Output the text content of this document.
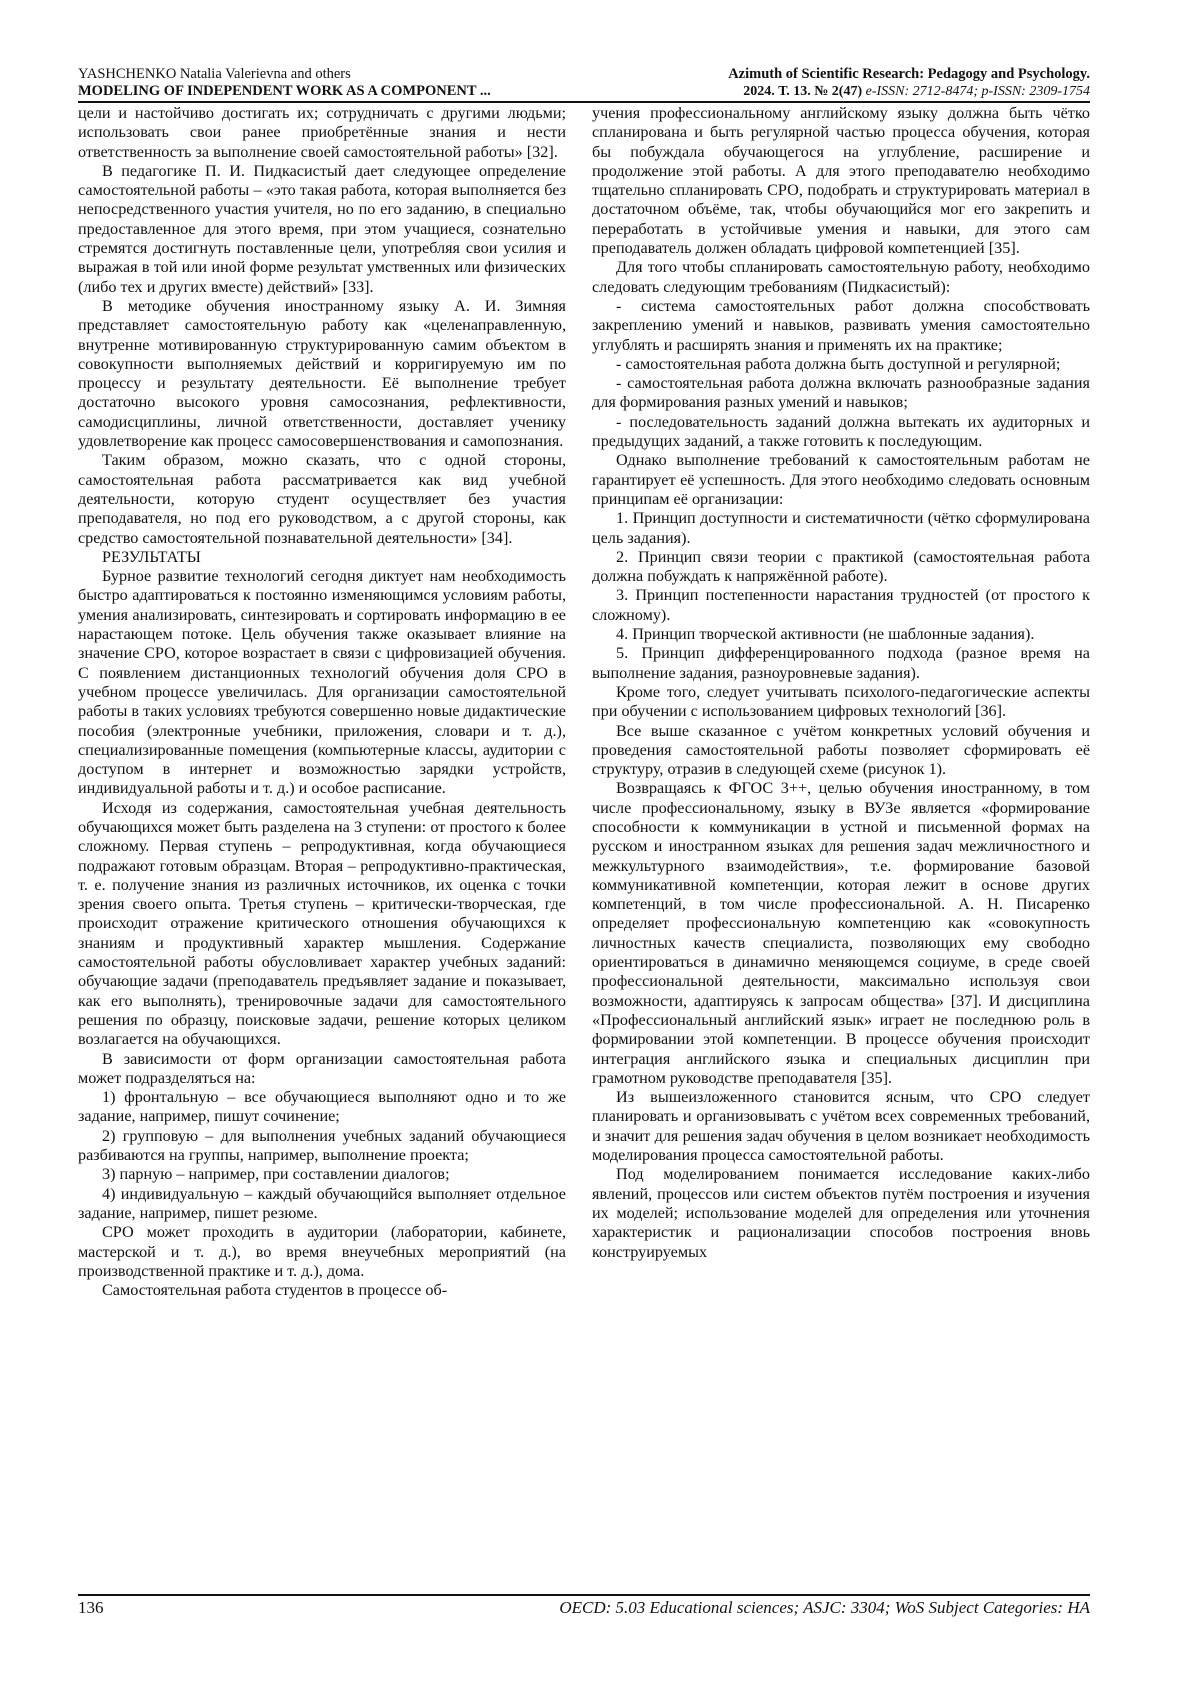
YASHCHENKO Natalia Valerievna and others
MODELING OF INDEPENDENT WORK AS A COMPONENT ...
Azimuth of Scientific Research: Pedagogy and Psychology.
2024. Т. 13. № 2(47) e-ISSN: 2712-8474; p-ISSN: 2309-1754

цели и настойчиво достигать их; сотрудничать с другими людьми; использовать свои ранее приобретённые знания и нести ответственность за выполнение своей самостоятельной работы» [32].

В педагогике П. И. Пидкасистый дает следующее определение самостоятельной работы – «это такая работа, которая выполняется без непосредственного участия учителя, но по его заданию, в специально предоставленное для этого время, при этом учащиеся, сознательно стремятся достигнуть поставленные цели, употребляя свои усилия и выражая в той или иной форме результат умственных или физических (либо тех и других вместе) действий» [33].

В методике обучения иностранному языку А. И. Зимняя представляет самостоятельную работу как «целенаправленную, внутренне мотивированную структурированную самим объектом в совокупности выполняемых действий и корригируемую им по процессу и результату деятельности. Её выполнение требует достаточно высокого уровня самосознания, рефлективности, самодисциплины, личной ответственности, доставляет ученику удовлетворение как процесс самосовершенствования и самопознания.

Таким образом, можно сказать, что с одной стороны, самостоятельная работа рассматривается как вид учебной деятельности, которую студент осуществляет без участия преподавателя, но под его руководством, а с другой стороны, как средство самостоятельной познавательной деятельности» [34].

РЕЗУЛЬТАТЫ

Бурное развитие технологий сегодня диктует нам необходимость быстро адаптироваться к постоянно изменяющимся условиям работы, умения анализировать, синтезировать и сортировать информацию в ее нарастающем потоке. Цель обучения также оказывает влияние на значение СРО, которое возрастает в связи с цифровизацией обучения. С появлением дистанционных технологий обучения доля СРО в учебном процессе увеличилась. Для организации самостоятельной работы в таких условиях требуются совершенно новые дидактические пособия (электронные учебники, приложения, словари и т. д.), специализированные помещения (компьютерные классы, аудитории с доступом в интернет и возможностью зарядки устройств, индивидуальной работы и т. д.) и особое расписание.

Исходя из содержания, самостоятельная учебная деятельность обучающихся может быть разделена на 3 ступени: от простого к более сложному. Первая ступень – репродуктивная, когда обучающиеся подражают готовым образцам. Вторая – репродуктивно-практическая, т. е. получение знания из различных источников, их оценка с точки зрения своего опыта. Третья ступень – критически-творческая, где происходит отражение критического отношения обучающихся к знаниям и продуктивный характер мышления. Содержание самостоятельной работы обусловливает характер учебных заданий: обучающие задачи (преподаватель предъявляет задание и показывает, как его выполнять), тренировочные задачи для самостоятельного решения по образцу, поисковые задачи, решение которых целиком возлагается на обучающихся.

В зависимости от форм организации самостоятельная работа может подразделяться на:

1) фронтальную – все обучающиеся выполняют одно и то же задание, например, пишут сочинение;

2) групповую – для выполнения учебных заданий обучающиеся разбиваются на группы, например, выполнение проекта;

3) парную – например, при составлении диалогов;

4) индивидуальную – каждый обучающийся выполняет отдельное задание, например, пишет резюме.

СРО может проходить в аудитории (лаборатории, кабинете, мастерской и т. д.), во время внеучебных мероприятий (на производственной практике и т. д.), дома.

Самостоятельная работа студентов в процессе об-

учения профессиональному английскому языку должна быть чётко спланирована и быть регулярной частью процесса обучения, которая бы побуждала обучающегося на углубление, расширение и продолжение этой работы. А для этого преподавателю необходимо тщательно спланировать СРО, подобрать и структурировать материал в достаточном объёме, так, чтобы обучающийся мог его закрепить и переработать в устойчивые умения и навыки, для этого сам преподаватель должен обладать цифровой компетенцией [35].

Для того чтобы спланировать самостоятельную работу, необходимо следовать следующим требованиям (Пидкасистый):

- система самостоятельных работ должна способствовать закреплению умений и навыков, развивать умения самостоятельно углублять и расширять знания и применять их на практике;

- самостоятельная работа должна быть доступной и регулярной;

- самостоятельная работа должна включать разнообразные задания для формирования разных умений и навыков;

- последовательность заданий должна вытекать их аудиторных и предыдущих заданий, а также готовить к последующим.

Однако выполнение требований к самостоятельным работам не гарантирует её успешность. Для этого необходимо следовать основным принципам её организации:

1. Принцип доступности и систематичности (чётко сформулирована цель задания).

2. Принцип связи теории с практикой (самостоятельная работа должна побуждать к напряжённой работе).

3. Принцип постепенности нарастания трудностей (от простого к сложному).

4. Принцип творческой активности (не шаблонные задания).

5. Принцип дифференцированного подхода (разное время на выполнение задания, разноуровневые задания).

Кроме того, следует учитывать психолого-педагогические аспекты при обучении с использованием цифровых технологий [36].

Все выше сказанное с учётом конкретных условий обучения и проведения самостоятельной работы позволяет сформировать её структуру, отразив в следующей схеме (рисунок 1).

Возвращаясь к ФГОС 3++, целью обучения иностранному, в том числе профессиональному, языку в ВУЗе является «формирование способности к коммуникации в устной и письменной формах на русском и иностранном языках для решения задач межличностного и межкультурного взаимодействия», т.е. формирование базовой коммуникативной компетенции, которая лежит в основе других компетенций, в том числе профессиональной. А. Н. Писаренко определяет профессиональную компетенцию как «совокупность личностных качеств специалиста, позволяющих ему свободно ориентироваться в динамично меняющемся социуме, в среде своей профессиональной деятельности, максимально используя свои возможности, адаптируясь к запросам общества» [37]. И дисциплина «Профессиональный английский язык» играет не последнюю роль в формировании этой компетенции. В процессе обучения происходит интеграция английского языка и специальных дисциплин при грамотном руководстве преподавателя [35].

Из вышеизложенного становится ясным, что СРО следует планировать и организовывать с учётом всех современных требований, и значит для решения задач обучения в целом возникает необходимость моделирования процесса самостоятельной работы.

Под моделированием понимается исследование каких-либо явлений, процессов или систем объектов путём построения и изучения их моделей; использование моделей для определения или уточнения характеристик и рационализации способов построения вновь конструируемых

136	OECD: 5.03 Educational sciences; ASJC: 3304; WoS Subject Categories: HA
